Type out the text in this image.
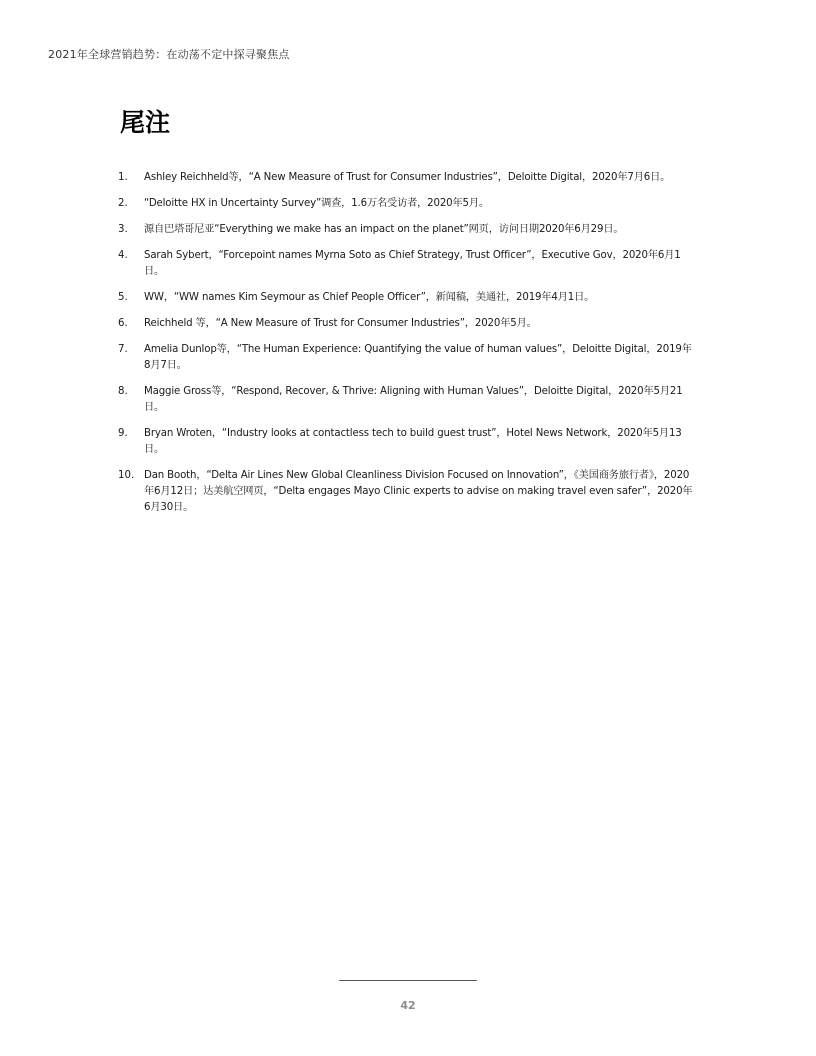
2021年全球营销趋势：在动荡不定中探寻聚焦点
尾注
1.	Ashley Reichheld等，“A New Measure of Trust for Consumer Industries”，Deloitte Digital，2020年7月6日。
2.	“Deloitte HX in Uncertainty Survey”调查，1.6万名受访者，2020年5月。
3.	源自巴塔哥尼亚“Everything we make has an impact on the planet”网页，访问日期2020年6月29日。
4.	Sarah Sybert，“Forcepoint names Myrna Soto as Chief Strategy, Trust Officer”，Executive Gov，2020年6月1日。
5.	WW，“WW names Kim Seymour as Chief People Officer”，新闻稿，美通社，2019年4月1日。
6.	Reichheld 等，“A New Measure of Trust for Consumer Industries”，2020年5月。
7.	Amelia Dunlop等，“The Human Experience: Quantifying the value of human values”，Deloitte Digital，2019年8月7日。
8.	Maggie Gross等，“Respond, Recover, & Thrive: Aligning with Human Values”，Deloitte Digital，2020年5月21日。
9.	Bryan Wroten，“Industry looks at contactless tech to build guest trust”，Hotel News Network，2020年5月13日。
10. Dan Booth，“Delta Air Lines New Global Cleanliness Division Focused on Innovation”，《美国商务旅行者》，2020年6月12日；达美航空网页，“Delta engages Mayo Clinic experts to advise on making travel even safer”，2020年6月30日。
42
